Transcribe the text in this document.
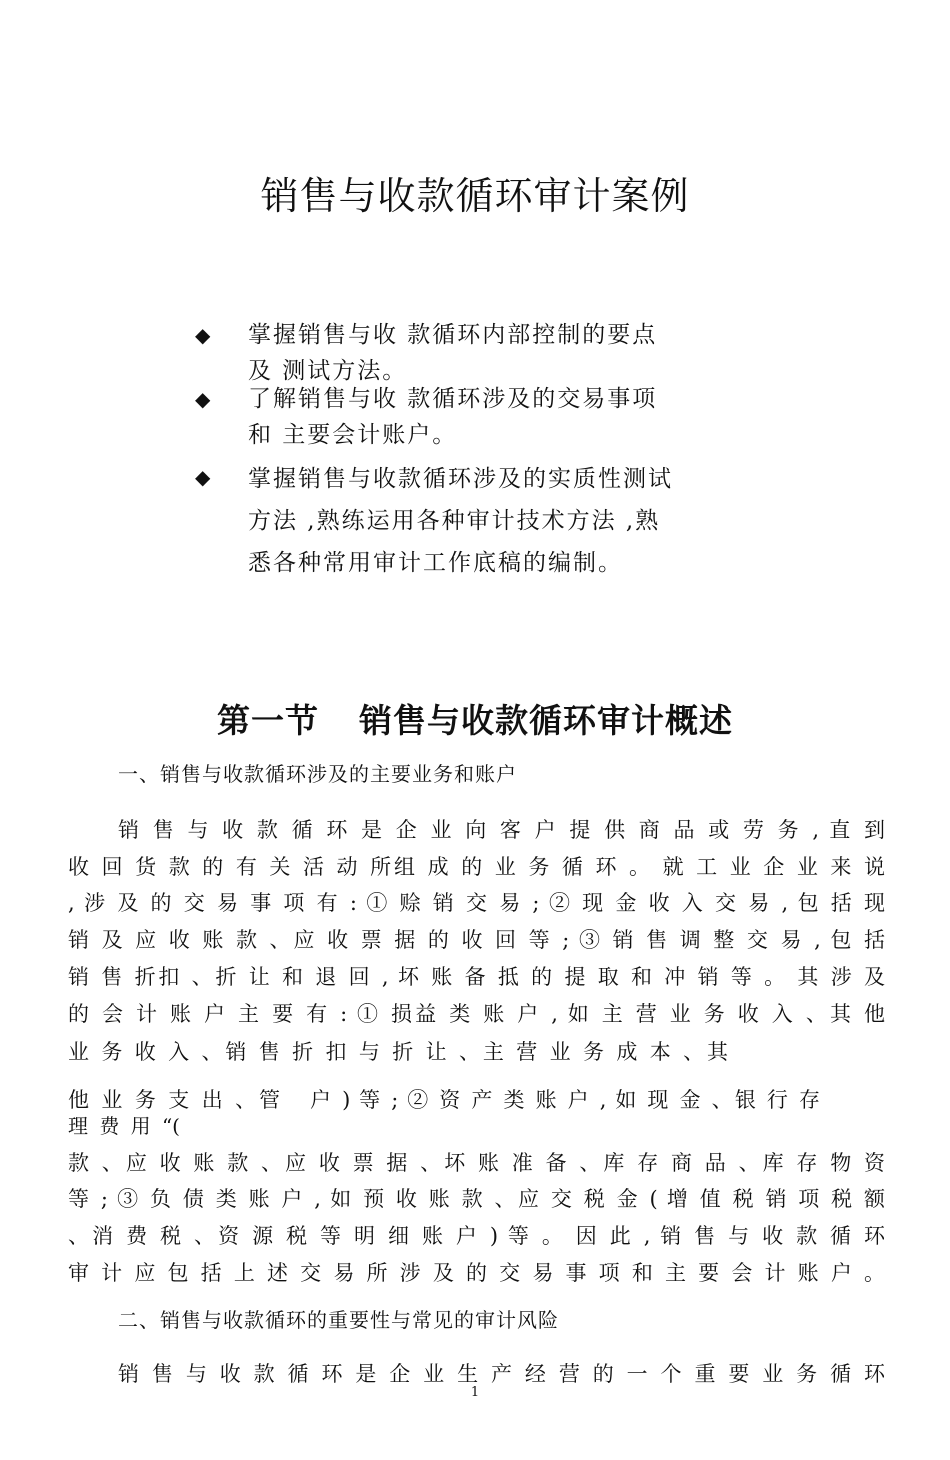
销售与收款循环审计案例
◆ 掌握销售与收 款循环内部控制的要点

及 测试方法。

◆ 了解销售与收 款循环涉及的交易事项

和 主要会计账户。

◆ 掌握销售与收款循环涉及的实质性测试

方法 ,熟练运用各种审计技术方法 ,熟

悉各种常用审计工作底稿的编制。

第一节 销售与收款循环审计概述
一、销售与收款循环涉及的主要业务和账户
销 售 与 收 款 循 环 是 企 业 向 客 户 提 供 商 品 或 劳 务 , 直 到
收 回 货 款 的 有 关 活 动 所组 成 的 业 务 循 环 。 就 工 业 企 业 来 说
, 涉 及 的 交 易 事 项 有 : ① 赊 销 交 易 ; ② 现 金 收 入 交 易 , 包 括 现
销 及 应 收 账 款 、应 收 票 据 的 收 回 等 ; ③ 销 售 调 整 交 易 , 包 括
销 售 折扣 、折 让 和 退 回 , 坏 账 备 抵 的 提 取 和 冲 销 等 。 其 涉 及
的 会 计 账 户 主 要 有 : ① 损益 类 账 户 , 如 主 营 业 务 收 入 、其 他
业 务 收 入 、销 售 折 扣 与 折 让 、主 营 业 务 成 本 、其
他 业 务 支 出 、管
理 费 用 “(
户 ) 等 ; ② 资 产 类 账 户 , 如 现 金 、银 行 存
款 、应 收 账 款 、应 收 票 据 、坏 账 准 备 、库 存 商 品 、库 存 物 资
等 ; ③ 负 债 类 账 户 , 如 预 收 账 款 、应 交 税 金 ( 增 值 税 销 项 税 额
、消 费 税 、资 源 税 等 明 细 账 户 ) 等 。 因 此 , 销 售 与 收 款 循 环
审 计 应 包 括 上 述 交 易 所 涉 及 的 交 易 事 项 和 主 要 会 计 账 户 。
二、销售与收款循环的重要性与常见的审计风险
销 售 与 收 款 循 环 是 企 业 生 产 经 营 的 一 个 重 要 业 务 循 环
1
